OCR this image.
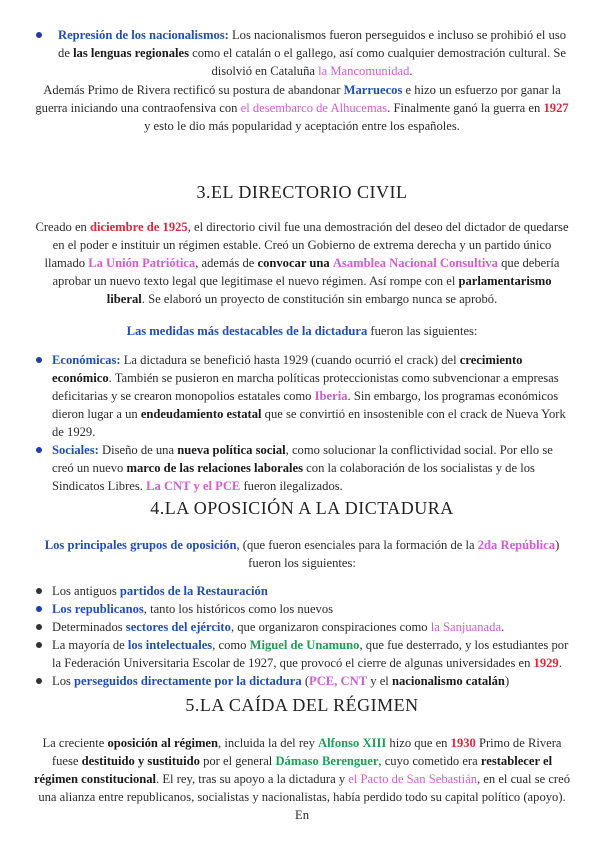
Represión de los nacionalismos: Los nacionalismos fueron perseguidos e incluso se prohibió el uso de las lenguas regionales como el catalán o el gallego, así como cualquier demostración cultural. Se disolvió en Cataluña la Mancomunidad.

Además Primo de Rivera rectificó su postura de abandonar Marruecos e hizo un esfuerzo por ganar la guerra iniciando una contraofensiva con el desembarco de Alhucemas. Finalmente ganó la guerra en 1927 y esto le dio más popularidad y aceptación entre los españoles.

3.EL DIRECTORIO CIVIL

Creado en diciembre de 1925, el directorio civil fue una demostración del deseo del dictador de quedarse en el poder e instituir un régimen estable. Creó un Gobierno de extrema derecha y un partido único llamado La Unión Patriótica, además de convocar una Asamblea Nacional Consultiva que debería aprobar un nuevo texto legal que legitimase el nuevo régimen. Así rompe con el parlamentarismo liberal. Se elaboró un proyecto de constitución sin embargo nunca se aprobó.

Las medidas más destacables de la dictadura fueron las siguientes:

Económicas: La dictadura se benefició hasta 1929 (cuando ocurrió el crack) del crecimiento económico. También se pusieron en marcha políticas proteccionistas como subvencionar a empresas deficitarias y se crearon monopolios estatales como Iberia. Sin embargo, los programas económicos dieron lugar a un endeudamiento estatal que se convirtió en insostenible con el crack de Nueva York de 1929.
Sociales: Diseño de una nueva política social, como solucionar la conflictividad social. Por ello se creó un nuevo marco de las relaciones laborales con la colaboración de los socialistas y de los Sindicatos Libres. La CNT y el PCE fueron ilegalizados.
4.LA OPOSICIÓN A LA DICTADURA

Los principales grupos de oposición, (que fueron esenciales para la formación de la 2da República) fueron los siguientes:

Los antiguos partidos de la Restauración
Los republicanos, tanto los históricos como los nuevos
Determinados sectores del ejército, que organizaron conspiraciones como la Sanjuanada.
La mayoría de los intelectuales, como Miguel de Unamuno, que fue desterrado, y los estudiantes por la Federación Universitaria Escolar de 1927, que provocó el cierre de algunas universidades en 1929.
Los perseguidos directamente por la dictadura (PCE, CNT y el nacionalismo catalán)
5.LA CAÍDA DEL RÉGIMEN

La creciente oposición al régimen, incluida la del rey Alfonso XIII hizo que en 1930 Primo de Rivera fuese destituido y sustituido por el general Dámaso Berenguer, cuyo cometido era restablecer el régimen constitucional. El rey, tras su apoyo a la dictadura y el Pacto de San Sebastián, en el cual se creó una alianza entre republicanos, socialistas y nacionalistas, había perdido todo su capital político (apoyo). En
